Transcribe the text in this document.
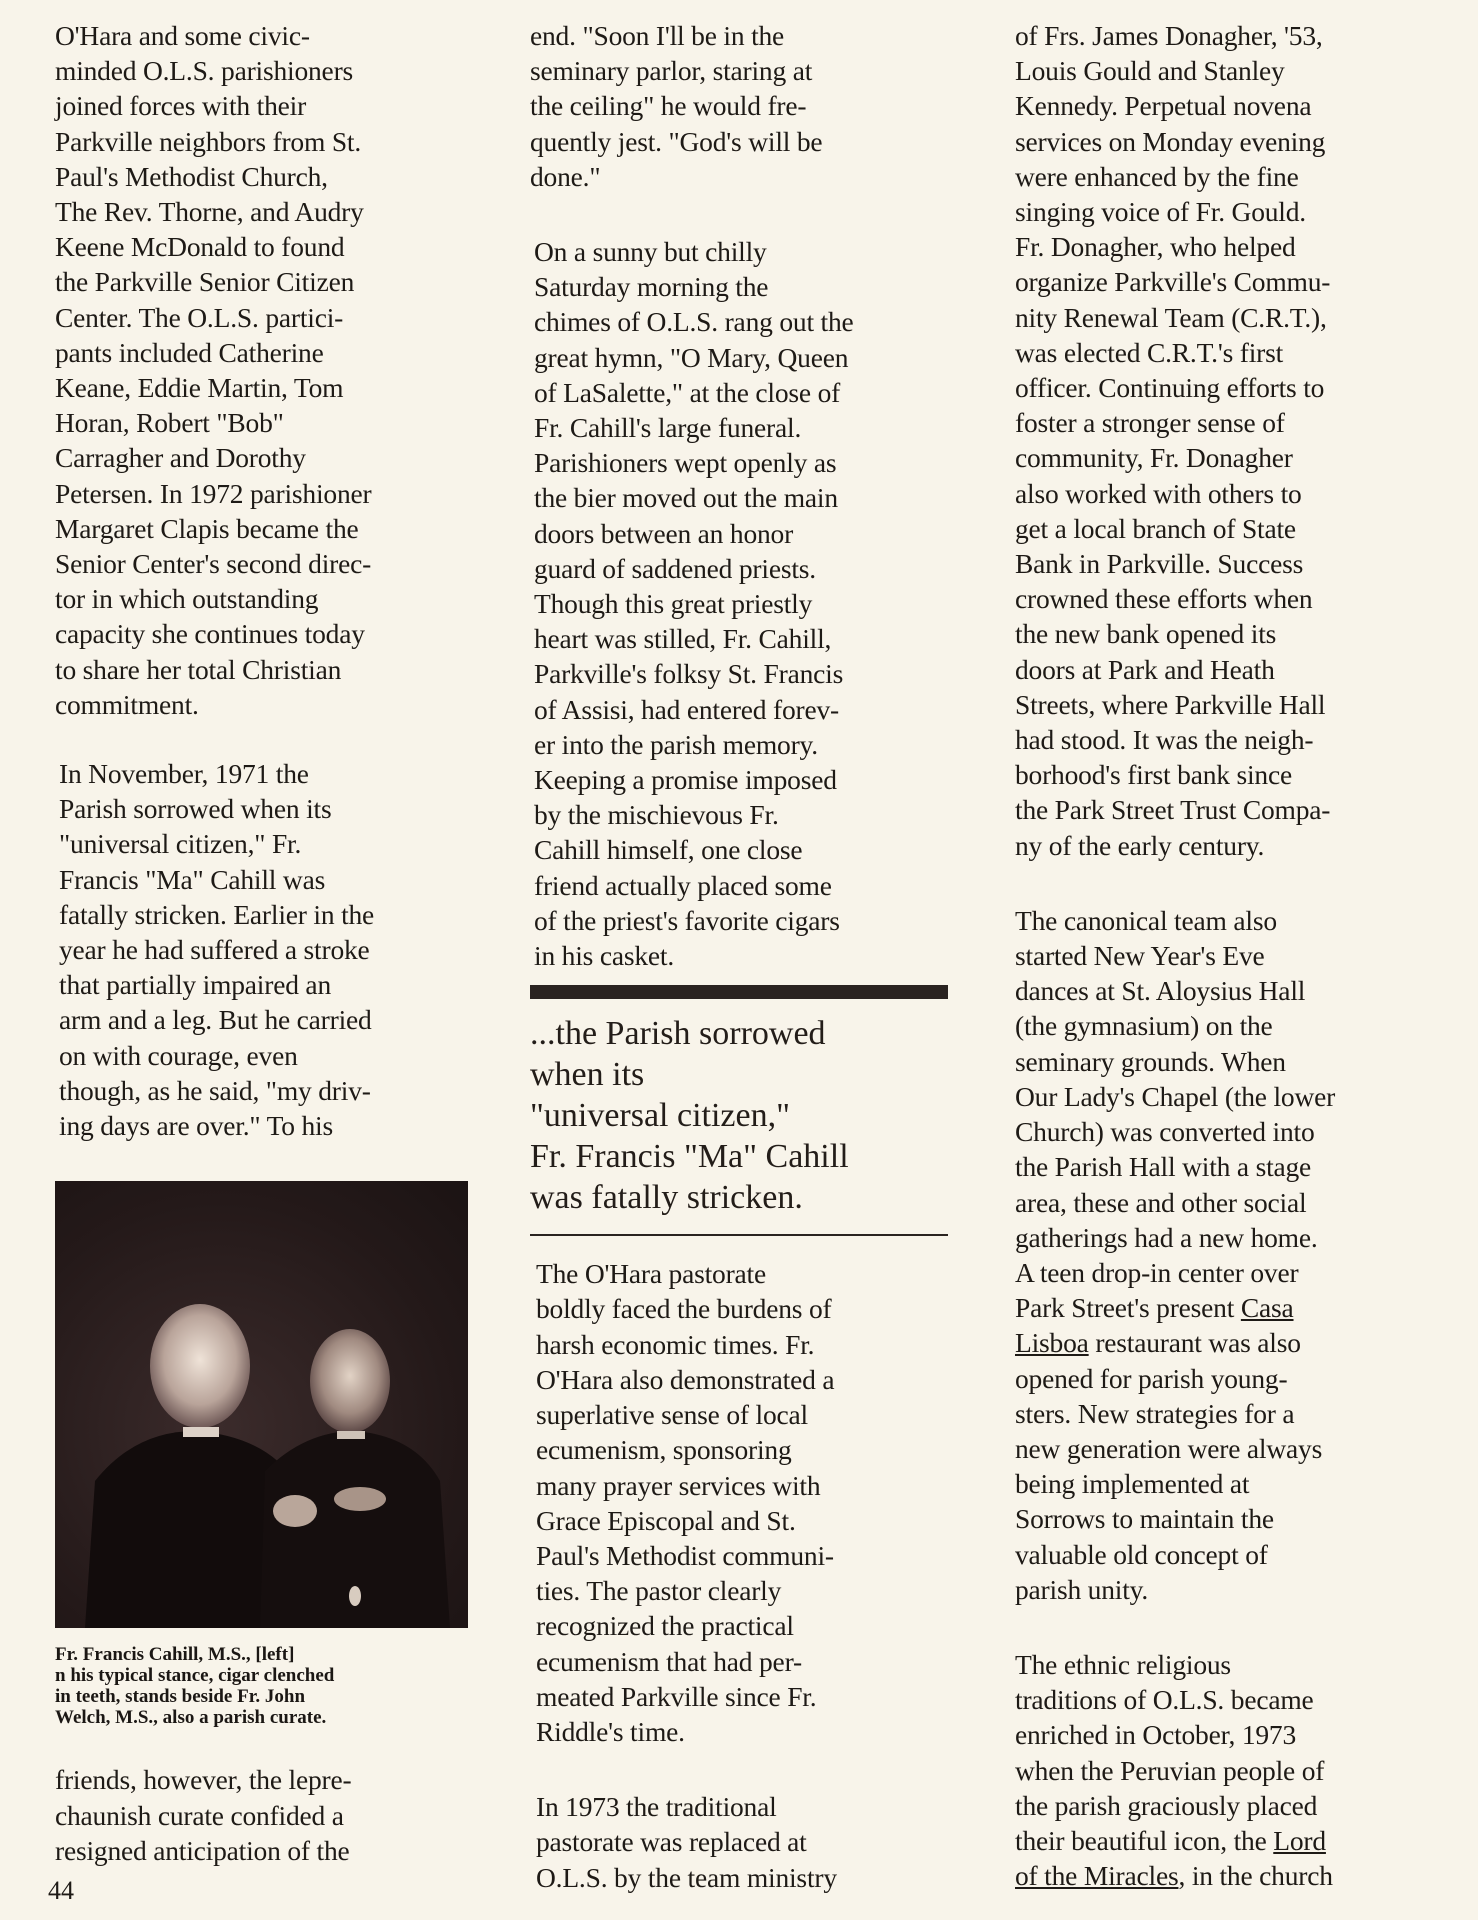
O'Hara and some civic-
minded O.L.S. parishioners
joined forces with their
Parkville neighbors from St.
Paul's Methodist Church,
The Rev. Thorne, and Audry
Keene McDonald to found
the Parkville Senior Citizen
Center. The O.L.S. partici-
pants included Catherine
Keane, Eddie Martin, Tom
Horan, Robert "Bob"
Carragher and Dorothy
Petersen. In 1972 parishioner
Margaret Clapis became the
Senior Center's second direc-
tor in which outstanding
capacity she continues today
to share her total Christian
commitment.

In November, 1971 the
Parish sorrowed when its
"universal citizen," Fr.
Francis "Ma" Cahill was
fatally stricken. Earlier in the
year he had suffered a stroke
that partially impaired an
arm and a leg. But he carried
on with courage, even
though, as he said, "my driv-
ing days are over." To his

Fr. Francis Cahill, M.S., [left]
n his typical stance, cigar clenched
in teeth, stands beside Fr. John
Welch, M.S., also a parish curate.

friends, however, the lepre-
chaunish curate confided a
resigned anticipation of the

end. "Soon I'll be in the
seminary parlor, staring at
the ceiling" he would fre-
quently jest. "God's will be
done."

On a sunny but chilly
Saturday morning the
chimes of O.L.S. rang out the
great hymn, "O Mary, Queen
of LaSalette," at the close of
Fr. Cahill's large funeral.
Parishioners wept openly as
the bier moved out the main
doors between an honor
guard of saddened priests.
Though this great priestly
heart was stilled, Fr. Cahill,
Parkville's folksy St. Francis
of Assisi, had entered forev-
er into the parish memory.
Keeping a promise imposed
by the mischievous Fr.
Cahill himself, one close
friend actually placed some
of the priest's favorite cigars
in his casket.

...the Parish sorrowed
when its
"universal citizen,"
Fr. Francis "Ma" Cahill
was fatally stricken.

The O'Hara pastorate
boldly faced the burdens of
harsh economic times. Fr.
O'Hara also demonstrated a
superlative sense of local
ecumenism, sponsoring
many prayer services with
Grace Episcopal and St.
Paul's Methodist communi-
ties. The pastor clearly
recognized the practical
ecumenism that had per-
meated Parkville since Fr.
Riddle's time.

In 1973 the traditional
pastorate was replaced at
O.L.S. by the team ministry

of Frs. James Donagher, '53,
Louis Gould and Stanley
Kennedy. Perpetual novena
services on Monday evening
were enhanced by the fine
singing voice of Fr. Gould.
Fr. Donagher, who helped
organize Parkville's Commu-
nity Renewal Team (C.R.T.),
was elected C.R.T.'s first
officer. Continuing efforts to
foster a stronger sense of
community, Fr. Donagher
also worked with others to
get a local branch of State
Bank in Parkville. Success
crowned these efforts when
the new bank opened its
doors at Park and Heath
Streets, where Parkville Hall
had stood. It was the neigh-
borhood's first bank since
the Park Street Trust Compa-
ny of the early century.

The canonical team also
started New Year's Eve
dances at St. Aloysius Hall
(the gymnasium) on the
seminary grounds. When
Our Lady's Chapel (the lower
Church) was converted into
the Parish Hall with a stage
area, these and other social
gatherings had a new home.
A teen drop-in center over
Park Street's present Casa
Lisboa restaurant was also
opened for parish young-
sters. New strategies for a
new generation were always
being implemented at
Sorrows to maintain the
valuable old concept of
parish unity.

The ethnic religious
traditions of O.L.S. became
enriched in October, 1973
when the Peruvian people of
the parish graciously placed
their beautiful icon, the Lord
of the Miracles, in the church

44
